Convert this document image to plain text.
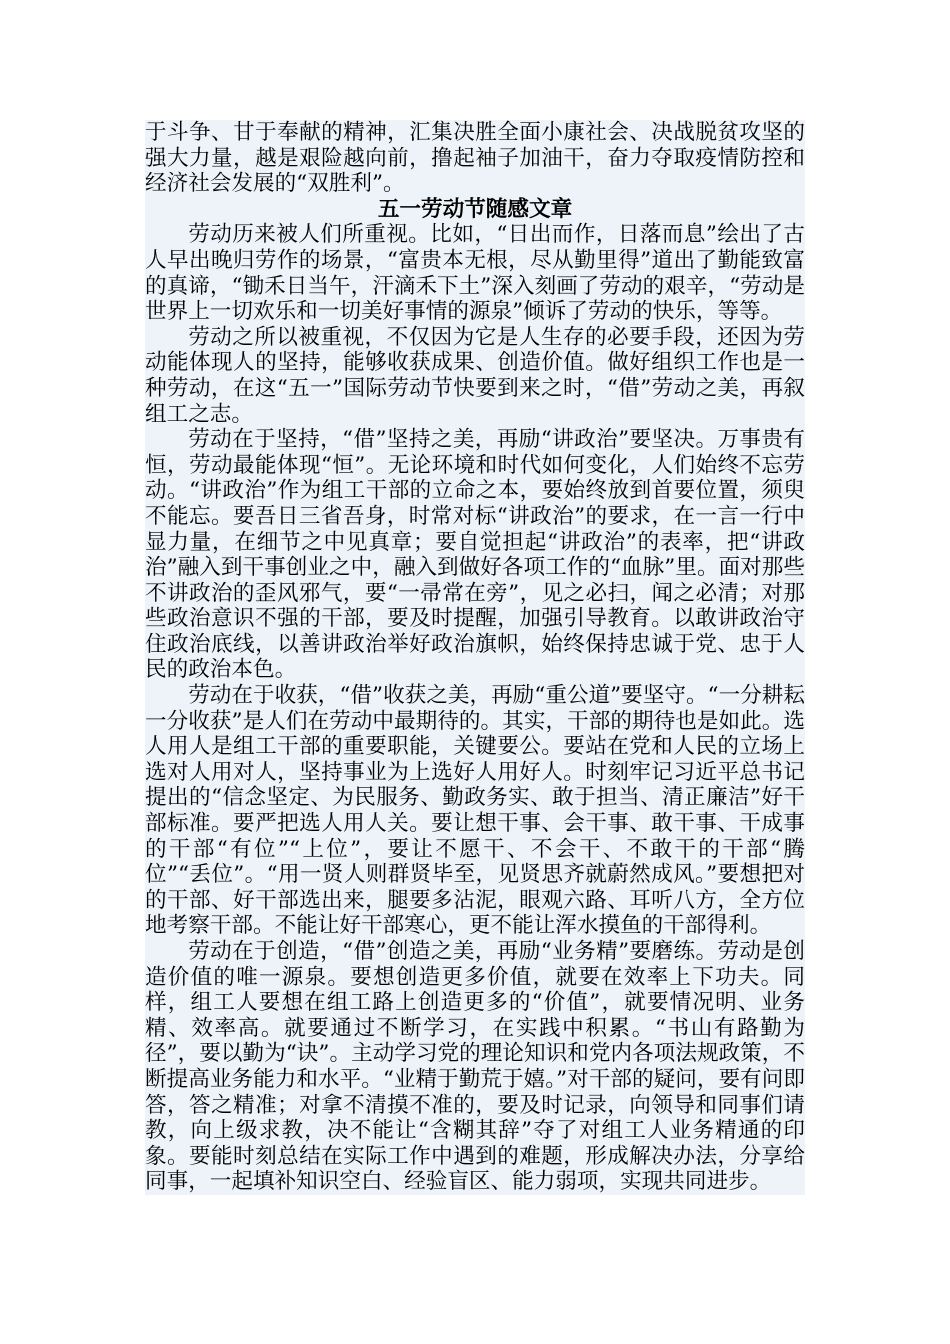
于斗争、甘于奉献的精神，汇集决胜全面小康社会、决战脱贫攻坚的强大力量，越是艰险越向前，撸起袖子加油干，奋力夺取疫情防控和经济社会发展的“双胜利”。

五一劳动节随感文章

劳动历来被人们所重视。比如，“日出而作，日落而息”绘出了古人早出晚归劳作的场景，“富贵本无根，尽从勤里得”道出了勤能致富的真谛，“锄禾日当午，汗滴禾下土”深入刻画了劳动的艰辛，“劳动是世界上一切欢乐和一切美好事情的源泉”倾诉了劳动的快乐，等等。

劳动之所以被重视，不仅因为它是人生存的必要手段，还因为劳动能体现人的坚持，能够收获成果、创造价值。做好组织工作也是一种劳动，在这“五一”国际劳动节快要到来之时，“借”劳动之美，再叙组工之志。

劳动在于坚持，“借”坚持之美，再励“讲政治”要坚决。万事贵有恒，劳动最能体现“恒”。无论环境和时代如何变化，人们始终不忘劳动。“讲政治”作为组工干部的立命之本，要始终放到首要位置，须臾不能忘。要吾日三省吾身，时常对标“讲政治”的要求，在一言一行中显力量，在细节之中见真章；要自觉担起“讲政治”的表率，把“讲政治”融入到干事创业之中，融入到做好各项工作的“血脉”里。面对那些不讲政治的歪风邪气，要“一帚常在旁”，见之必扫，闻之必清；对那些政治意识不强的干部，要及时提醒，加强引导教育。以敢讲政治守住政治底线，以善讲政治举好政治旗帜，始终保持忠诚于党、忠于人民的政治本色。

劳动在于收获，“借”收获之美，再励“重公道”要坚守。“一分耕耘一分收获”是人们在劳动中最期待的。其实，干部的期待也是如此。选人用人是组工干部的重要职能，关键要公。要站在党和人民的立场上选对人用对人，坚持事业为上选好人用好人。时刻牢记习近平总书记提出的“信念坚定、为民服务、勤政务实、敢于担当、清正廉洁”好干部标准。要严把选人用人关。要让想干事、会干事、敢干事、干成事的干部“有位”“上位”，要让不愿干、不会干、不敢干的干部“腾位”“丢位”。“用一贤人则群贤毕至，见贤思齐就蔚然成风。”要想把对的干部、好干部选出来，腿要多沾泥，眼观六路、耳听八方，全方位地考察干部。不能让好干部寒心，更不能让浑水摸鱼的干部得利。

劳动在于创造，“借”创造之美，再励“业务精”要磨练。劳动是创造价值的唯一源泉。要想创造更多价值，就要在效率上下功夫。同样，组工人要想在组工路上创造更多的“价值”，就要情况明、业务精、效率高。就要通过不断学习，在实践中积累。“书山有路勤为径”，要以勤为“诀”。主动学习党的理论知识和党内各项法规政策，不断提高业务能力和水平。“业精于勤荒于嬉。”对干部的疑问，要有问即答，答之精准；对拿不清摸不准的，要及时记录，向领导和同事们请教，向上级求教，决不能让“含糊其辞”夺了对组工人业务精通的印象。要能时刻总结在实际工作中遇到的难题，形成解决办法，分享给同事，一起填补知识空白、经验盲区、能力弱项，实现共同进步。
